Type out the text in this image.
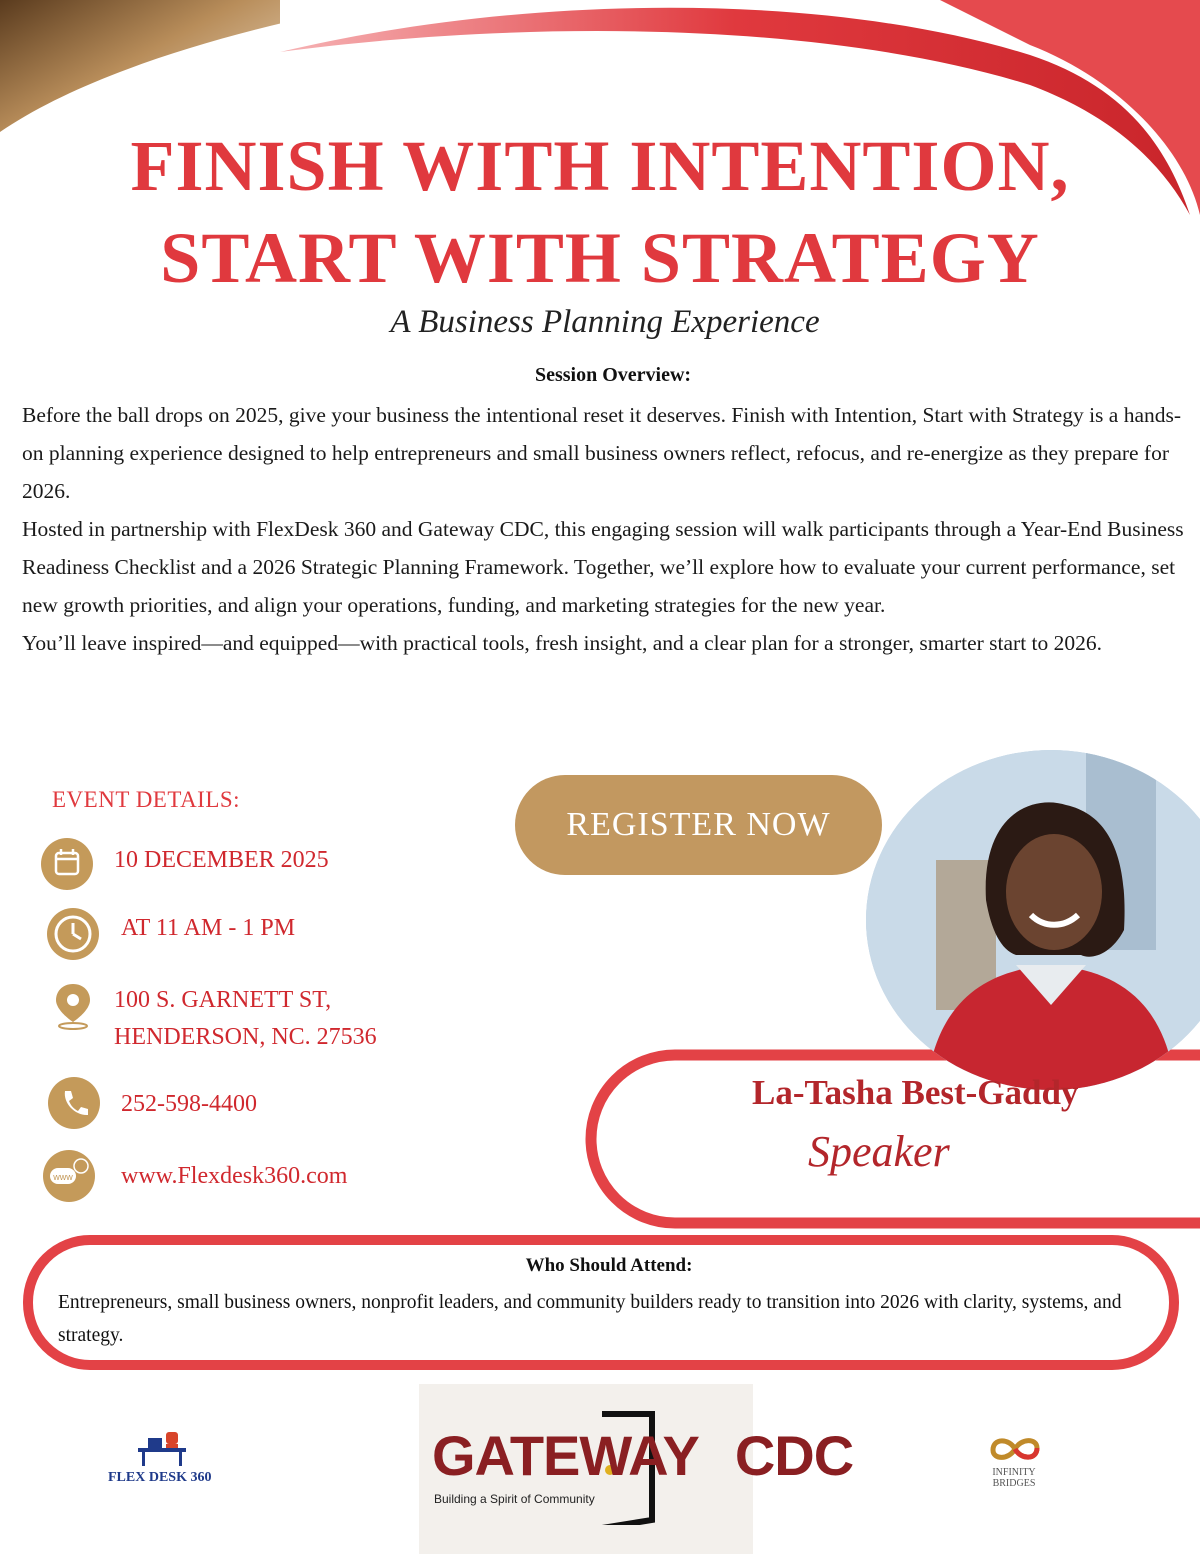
FINISH WITH INTENTION,
START WITH STRATEGY
A Business Planning Experience
Session Overview:

Before the ball drops on 2025, give your business the intentional reset it deserves. Finish with Intention, Start with Strategy is a hands-on planning experience designed to help entrepreneurs and small business owners reflect, refocus, and re-energize as they prepare for 2026.

Hosted in partnership with FlexDesk 360 and Gateway CDC, this engaging session will walk participants through a Year-End Business Readiness Checklist and a 2026 Strategic Planning Framework. Together, we’ll explore how to evaluate your current performance, set new growth priorities, and align your operations, funding, and marketing strategies for the new year.

You’ll leave inspired—and equipped—with practical tools, fresh insight, and a clear plan for a stronger, smarter start to 2026.

EVENT DETAILS:
10 DECEMBER 2025
AT 11 AM - 1 PM
100 S. GARNETT ST,
HENDERSON, NC. 27536
252-598-4400
www www.Flexdesk360.com
REGISTER NOW
La-Tasha Best-Gaddy
Speaker
Who Should Attend:
Entrepreneurs, small business owners, nonprofit leaders, and community builders ready to transition into 2026 with clarity, systems, and strategy.
FLEX DESK 360	GATEWAY CDC
Building a Spirit of Community
INFINITY
BRIDGES
